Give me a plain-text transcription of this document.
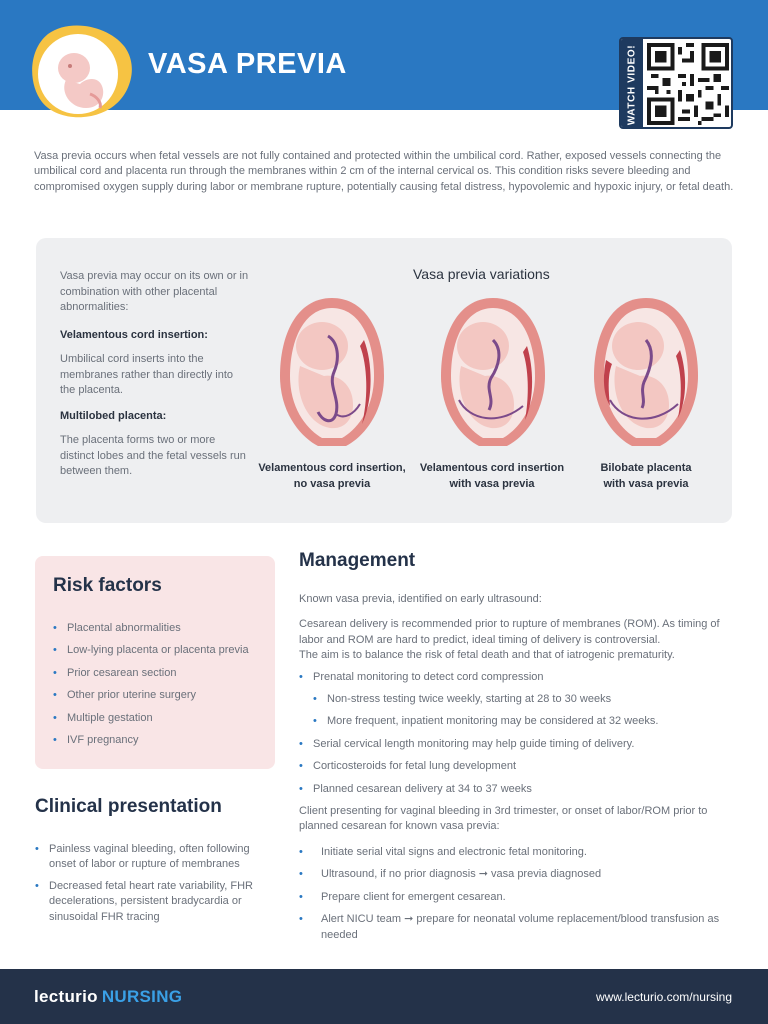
VASA PREVIA	WATCH VIDEO!

Vasa previa occurs when fetal vessels are not fully contained and protected within the umbilical cord. Rather, exposed vessels connecting the umbilical cord and placenta run through the membranes within 2 cm of the internal cervical os. This condition risks severe bleeding and compromised oxygen supply during labor or membrane rupture, potentially causing fetal distress, hypovolemic and hypoxic injury, or fetal death.

Vasa previa may occur on its own or in combination with other placental abnormalities:

Velamentous cord insertion:

Umbilical cord inserts into the membranes rather than directly into the placenta.

Multilobed placenta:

The placenta forms two or more distinct lobes and the fetal vessels run between them.

Vasa previa variations
Velamentous cord insertion,
no vasa previa
Velamentous cord insertion
with vasa previa
Bilobate placenta
with vasa previa
Risk factors
• Placental abnormalities
• Low-lying placenta or placenta previa
• Prior cesarean section
• Other prior uterine surgery
• Multiple gestation
• IVF pregnancy
Clinical presentation
• Painless vaginal bleeding, often following onset of labor or rupture of membranes
• Decreased fetal heart rate variability, FHR decelerations, persistent bradycardia or sinusoidal FHR tracing
Management

Known vasa previa, identified on early ultrasound:

Cesarean delivery is recommended prior to rupture of membranes (ROM). As timing of labor and ROM are hard to predict, ideal timing of delivery is controversial.
The aim is to balance the risk of fetal death and that of iatrogenic prematurity.

• Prenatal monitoring to detect cord compression
• Non-stress testing twice weekly, starting at 28 to 30 weeks
• More frequent, inpatient monitoring may be considered at 32 weeks.
• Serial cervical length monitoring may help guide timing of delivery.
• Corticosteroids for fetal lung development
• Planned cesarean delivery at 34 to 37 weeks

Client presenting for vaginal bleeding in 3rd trimester, or onset of labor/ROM prior to planned cesarean for known vasa previa:

• Initiate serial vital signs and electronic fetal monitoring.
• Ultrasound, if no prior diagnosis ➞ vasa previa diagnosed
• Prepare client for emergent cesarean.
• Alert NICU team ➞ prepare for neonatal volume replacement/blood transfusion as needed
lecturio NURSING	www.lecturio.com/nursing
